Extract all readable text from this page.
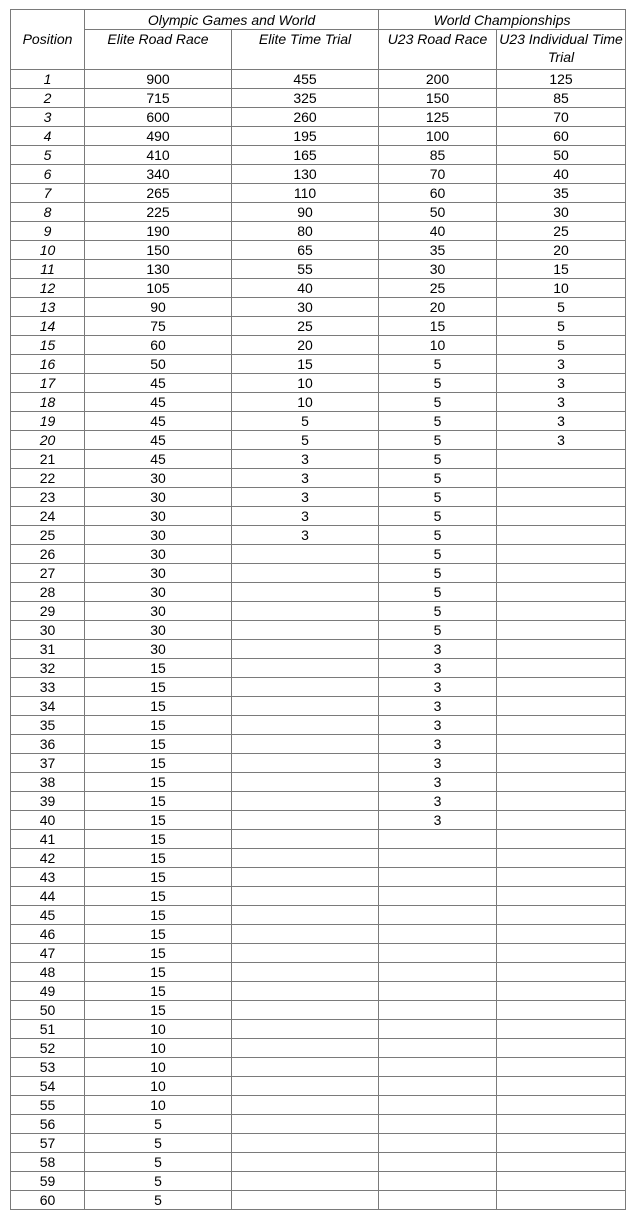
	Olympic Games and World		World Championships	
Position	Elite Road Race	Elite Time Trial	U23 Road Race	U23 Individual Time Trial
1	900	455	200	125
2	715	325	150	85
3	600	260	125	70
4	490	195	100	60
5	410	165	85	50
6	340	130	70	40
7	265	110	60	35
8	225	90	50	30
9	190	80	40	25
10	150	65	35	20
11	130	55	30	15
12	105	40	25	10
13	90	30	20	5
14	75	25	15	5
15	60	20	10	5
16	50	15	5	3
17	45	10	5	3
18	45	10	5	3
19	45	5	5	3
20	45	5	5	3
21	45	3	5	
22	30	3	5	
23	30	3	5	
24	30	3	5	
25	30	3	5	
26	30		5	
27	30		5	
28	30		5	
29	30		5	
30	30		5	
31	30		3	
32	15		3	
33	15		3	
34	15		3	
35	15		3	
36	15		3	
37	15		3	
38	15		3	
39	15		3	
40	15		3	
41	15			
42	15			
43	15			
44	15			
45	15			
46	15			
47	15			
48	15			
49	15			
50	15			
51	10			
52	10			
53	10			
54	10			
55	10			
56	5			
57	5			
58	5			
59	5			
60	5			
